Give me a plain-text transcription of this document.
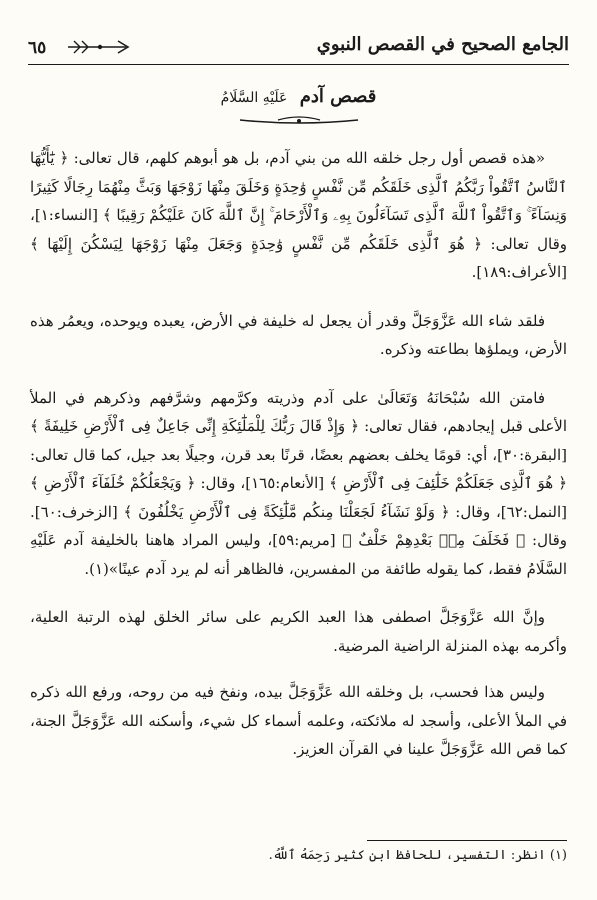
الجامع الصحيح في القصص النبوي
٦٥
قصص آدم عَلَيْهِ السَّلَامُ

«هذه قصص أول رجل خلقه الله من بني آدم، بل هو أبوهم كلهم، قال تعالى: ﴿ يَٰٓأَيُّهَا ٱلنَّاسُ ٱتَّقُواْ رَبَّكُمُ ٱلَّذِى خَلَقَكُم مِّن نَّفْسٍ وَٰحِدَةٍ وَخَلَقَ مِنْهَا زَوْجَهَا وَبَثَّ مِنْهُمَا رِجَالًا كَثِيرًا وَنِسَآءً ۚ وَٱتَّقُواْ ٱللَّهَ ٱلَّذِى تَسَآءَلُونَ بِهِۦ وَٱلْأَرْحَامَ ۚ إِنَّ ٱللَّهَ كَانَ عَلَيْكُمْ رَقِيبًا ﴾ [النساء:١]، وقال تعالى: ﴿ هُوَ ٱلَّذِى خَلَقَكُم مِّن نَّفْسٍ وَٰحِدَةٍ وَجَعَلَ مِنْهَا زَوْجَهَا لِيَسْكُنَ إِلَيْهَا ﴾ [الأعراف:١٨٩].

فلقد شاء الله عَزَّوَجَلَّ وقدر أن يجعل له خليفة في الأرض، يعبده ويوحده، ويعمُر هذه الأرض، ويملؤها بطاعته وذكره.

فامتن الله سُبْحَانَهُ وَتَعَالَىٰ على آدم وذريته وكرَّمهم وشرَّفهم وذكرهم في الملأ الأعلى قبل إيجادهم، فقال تعالى: ﴿ وَإِذْ قَالَ رَبُّكَ لِلْمَلَٰٓئِكَةِ إِنِّى جَاعِلٌ فِى ٱلْأَرْضِ خَلِيفَةً ﴾ [البقرة:٣٠]، أي: قومًا يخلف بعضهم بعضًا، قرنًا بعد قرن، وجيلًا بعد جيل، كما قال تعالى: ﴿ هُوَ ٱلَّذِى جَعَلَكُمْ خَلَٰٓئِفَ فِى ٱلْأَرْضِ ﴾ [الأنعام:١٦٥]، وقال: ﴿ وَيَجْعَلُكُمْ خُلَفَآءَ ٱلْأَرْضِ ﴾ [النمل:٦٢]، وقال: ﴿ وَلَوْ نَشَآءُ لَجَعَلْنَا مِنكُم مَّلَٰٓئِكَةً فِى ٱلْأَرْضِ يَخْلُفُونَ ﴾ [الزخرف:٦٠]. وقال: ﴿ فَخَلَفَ مِنۢ بَعْدِهِمْ خَلْفٌ ﴾ [مريم:٥٩]، وليس المراد هاهنا بالخليفة آدم عَلَيْهِ السَّلَامُ فقط، كما يقوله طائفة من المفسرين، فالظاهر أنه لم يرد آدم عينًا»(١).

وإنَّ الله عَزَّوَجَلَّ اصطفى هذا العبد الكريم على سائر الخلق لهذه الرتبة العلية، وأكرمه بهذه المنزلة الراضية المرضية.

وليس هذا فحسب، بل وخلقه الله عَزَّوَجَلَّ بيده، ونفخ فيه من روحه، ورفع الله ذكره في الملأ الأعلى، وأسجد له ملائكته، وعلمه أسماء كل شيء، وأسكنه الله عَزَّوَجَلَّ الجنة، كما قص الله عَزَّوَجَلَّ علينا في القرآن العزيز.

(١) انظر: التفسير، للحافظ ابن كثير رَحِمَهُ ٱللَّهُ.
